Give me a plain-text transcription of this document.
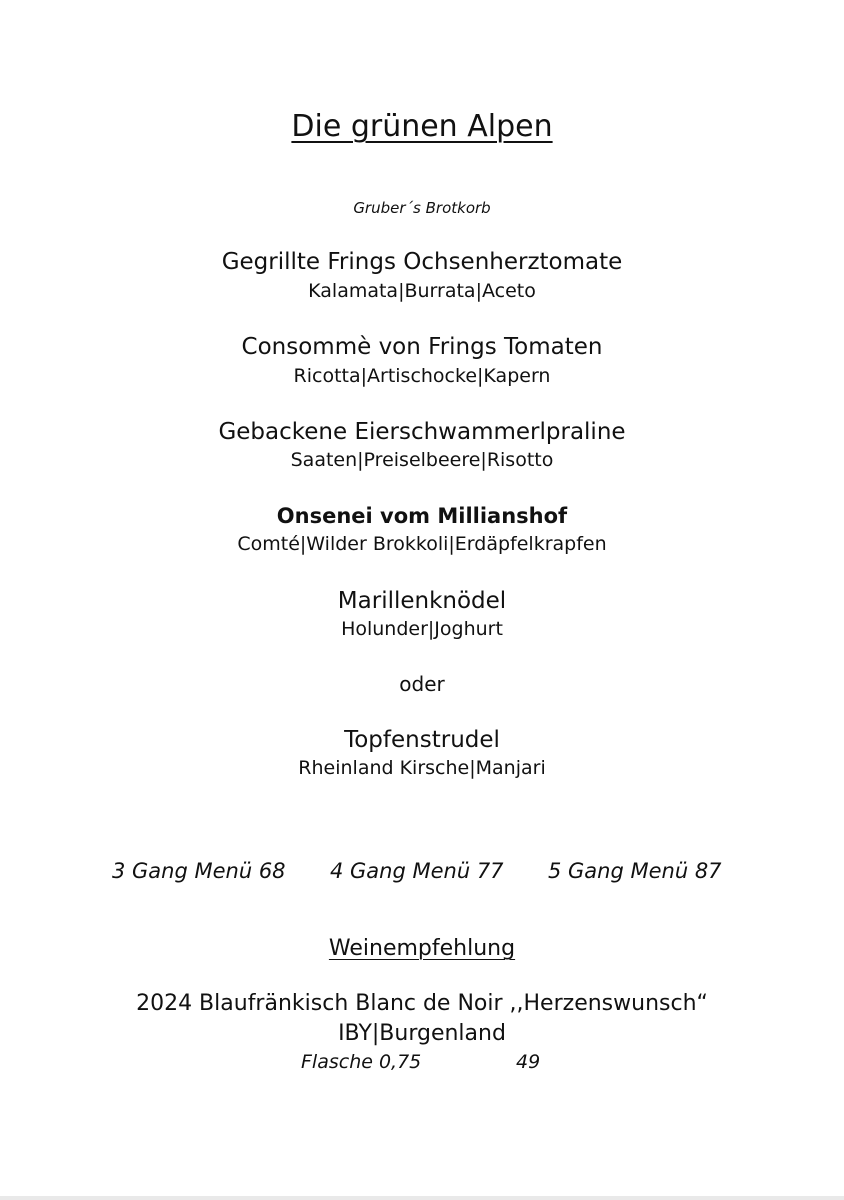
Die grünen Alpen
Gruber´s Brotkorb
Gegrillte Frings Ochsenherztomate
Kalamata|Burrata|Aceto
Consommè von Frings Tomaten
Ricotta|Artischocke|Kapern
Gebackene Eierschwammerlpraline
Saaten|Preiselbeere|Risotto
Onsenei vom Millianshof
Comté|Wilder Brokkoli|Erdäpfelkrapfen
Marillenknödel
Holunder|Joghurt
oder
Topfenstrudel
Rheinland Kirsche|Manjari
3 Gang Menü 68 4 Gang Menü 77 5 Gang Menü 87
Weinempfehlung
2024 Blaufränkisch Blanc de Noir ,,Herzenswunsch“
IBY|Burgenland
Flasche 0,75	49
